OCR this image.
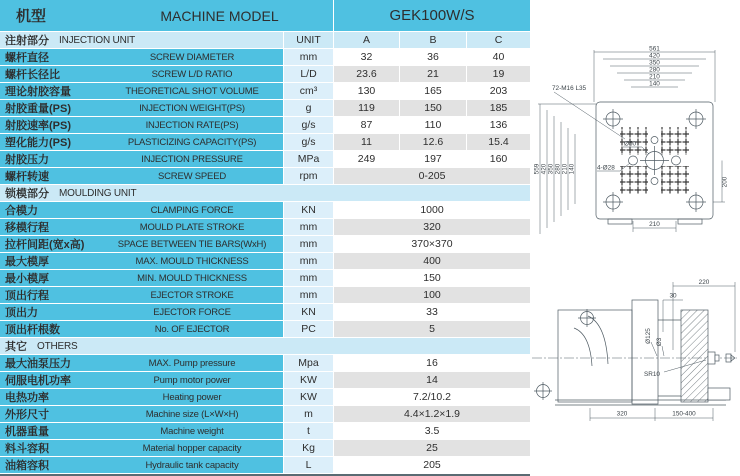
机型	MACHINE MODEL	GEK100W/S
注射部分 INJECTION UNIT	UNIT	A	B	C
螺杆直径	SCREW DIAMETER	mm	32	36	40
螺杆长径比	SCREW L/D RATIO	L/D	23.6	21	19
理论射胶容量	THEORETICAL SHOT VOLUME	cm³	130	165	203
射胶重量(PS)	INJECTION WEIGHT(PS)	g	119	150	185
射胶速率(PS)	INJECTION RATE(PS)	g/s	87	110	136
塑化能力(PS)	PLASTICIZING CAPACITY(PS)	g/s	11	12.6	15.4
射胶压力	INJECTION PRESSURE	MPa	249	197	160
螺杆转速	SCREW SPEED	rpm	0-205
锁模部分 MOULDING UNIT
合模力	CLAMPING FORCE	KN	1000
移模行程	MOULD PLATE STROKE	mm	320
拉杆间距(宽x高)	SPACE BETWEEN TIE BARS(WxH)	mm	370×370
最大模厚	MAX. MOULD THICKNESS	mm	400
最小模厚	MIN. MOULD THICKNESS	mm	150
顶出行程	EJECTOR STROKE	mm	100
顶出力	EJECTOR FORCE	KN	33
顶出杆根数	No. OF EJECTOR	PC	5
其它 OTHERS
最大油泵压力	MAX. Pump pressure	Mpa	16
伺服电机功率	Pump motor power	KW	14
电热功率	Heating power	KW	7.2/10.2
外形尺寸	Machine size (L×W×H)	m	4.4×1.2×1.9
机器重量	Machine weight	t	3.5
料斗容积	Material hopper capacity	Kg	25
油箱容积	Hydraulic tank capacity	L	205
561
420
350
280
210
140
559 420 350 280 210 140
200
210
72-M16 L35
Ø50
4-Ø28
220
30
Ø125 Ø3
SR10
320	150-400
